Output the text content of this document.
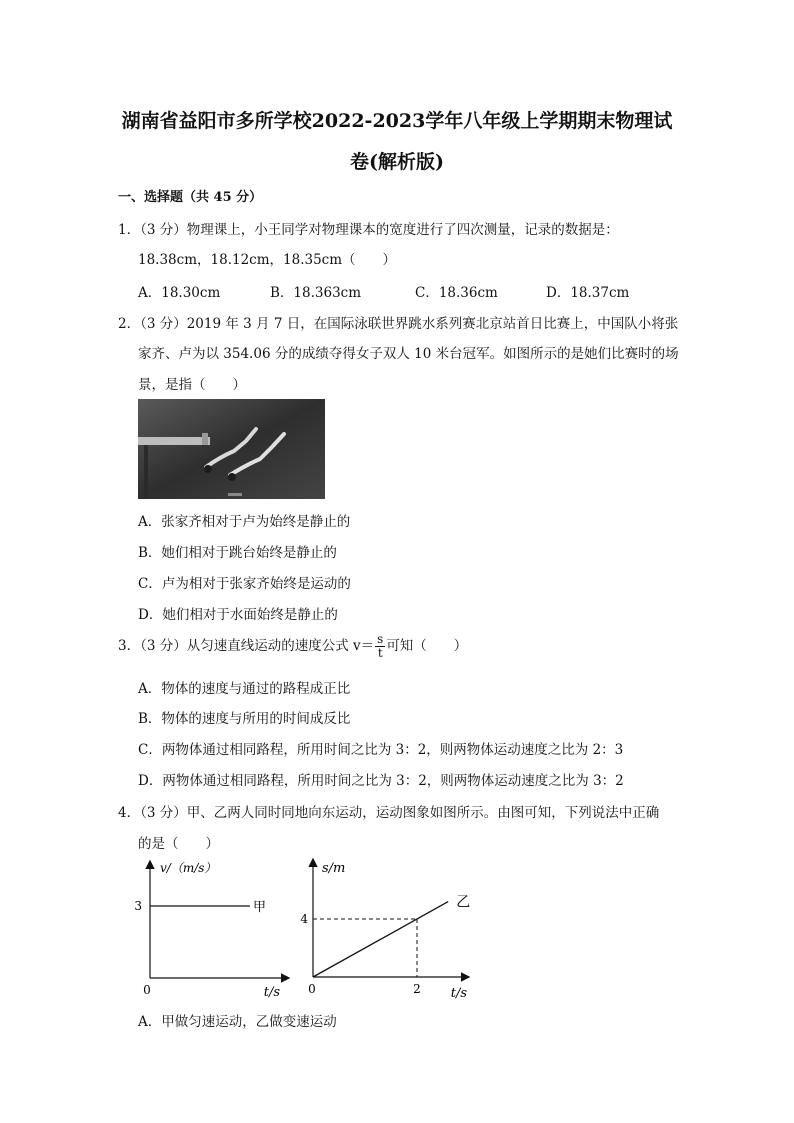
湖南省益阳市多所学校2022-2023学年八年级上学期期末物理试
卷(解析版)
一、选择题（共 45 分）
1．（3 分）物理课上，小王同学对物理课本的宽度进行了四次测量，记录的数据是：
18.38cm，18.12cm，18.35cm（　　）
A．18.30cm	B．18.363cm	C．18.36cm	D．18.37cm
2．（3 分）2019 年 3 月 7 日，在国际泳联世界跳水系列赛北京站首日比赛上，中国队小将张
家齐、卢为以 354.06 分的成绩夺得女子双人 10 米台冠军。如图所示的是她们比赛时的场
景，是指（　　）
A．张家齐相对于卢为始终是静止的
B．她们相对于跳台始终是静止的
C．卢为相对于张家齐始终是运动的
D．她们相对于水面始终是静止的
3．（3 分）从匀速直线运动的速度公式 $v= \frac{s}{t}$ 可知（　　）
A．物体的速度与通过的路程成正比
B．物体的速度与所用的时间成反比
C．两物体通过相同路程，所用时间之比为 3：2，则两物体运动速度之比为 2：3
D．两物体通过相同路程，所用时间之比为 3：2，则两物体运动速度之比为 3：2
4．（3 分）甲、乙两人同时同地向东运动，运动图象如图所示。由图可知，下列说法中正确
的是（　　）
v/（m/s）
3	甲
0	t/s
s/m
4
2
乙
0	t/s
A．甲做匀速运动，乙做变速运动
